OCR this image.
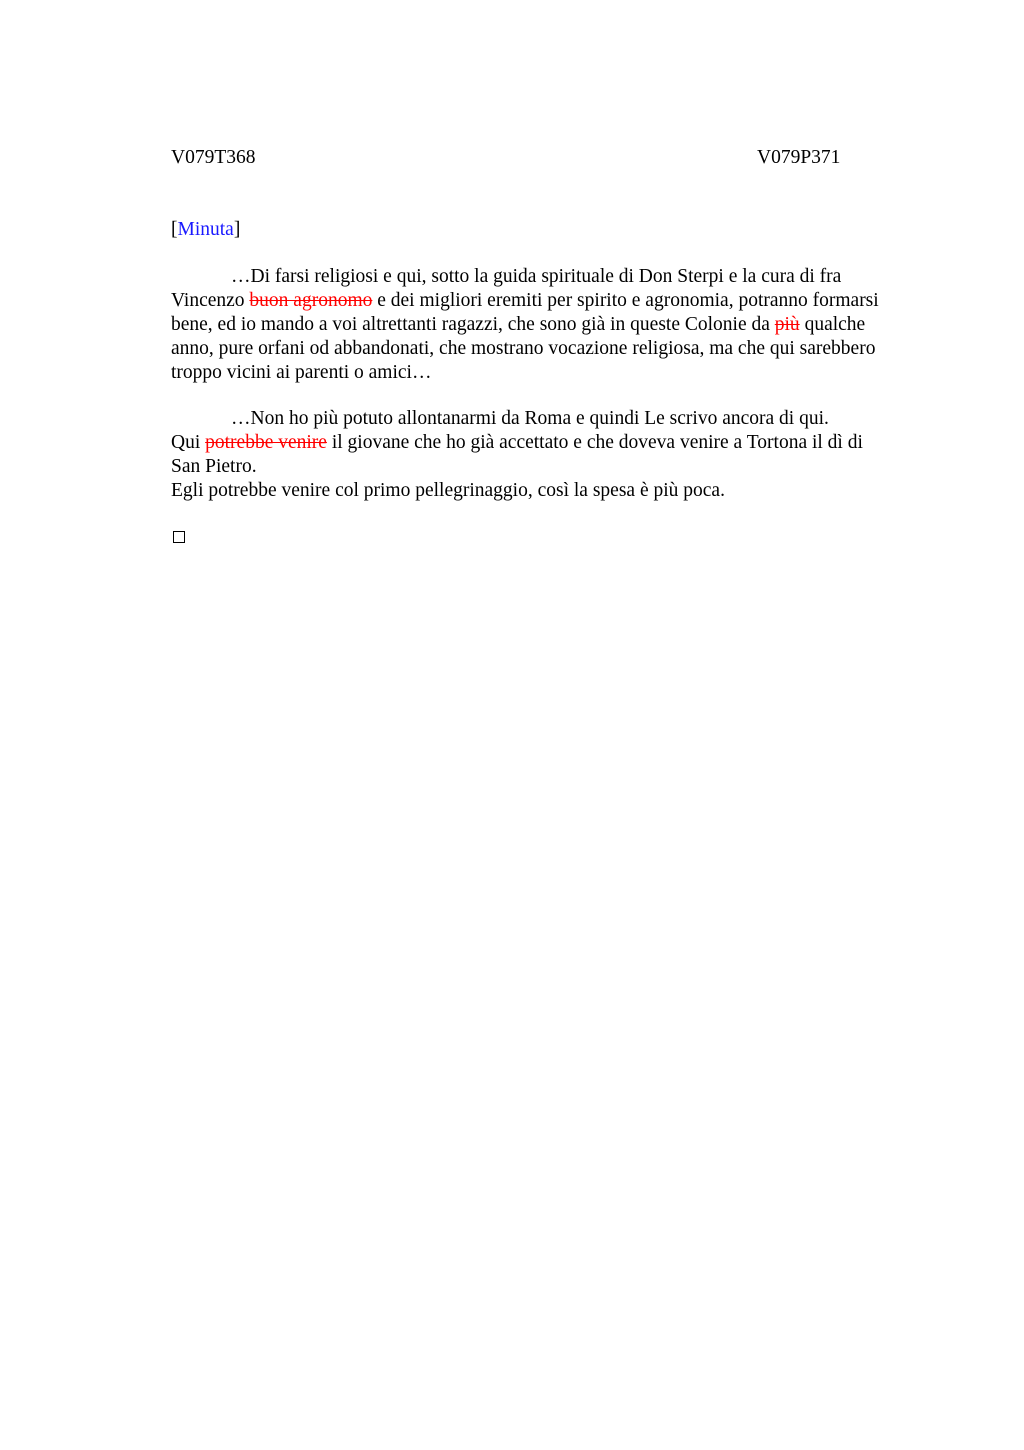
V079T368	V079P371
[Minuta]
…Di farsi religiosi e qui, sotto la guida spirituale di Don Sterpi e la cura di fra
Vincenzo buon agronomo e dei migliori eremiti per spirito e agronomia, potranno formarsi
bene, ed io mando a voi altrettanti ragazzi, che sono già in queste Colonie da più qualche
anno, pure orfani od abbandonati, che mostrano vocazione religiosa, ma che qui sarebbero
troppo vicini ai parenti o amici…
…Non ho più potuto allontanarmi da Roma e quindi Le scrivo ancora di qui.
Qui potrebbe venire il giovane che ho già accettato e che doveva venire a Tortona il dì di
San Pietro.
Egli potrebbe venire col primo pellegrinaggio, così la spesa è più poca.
